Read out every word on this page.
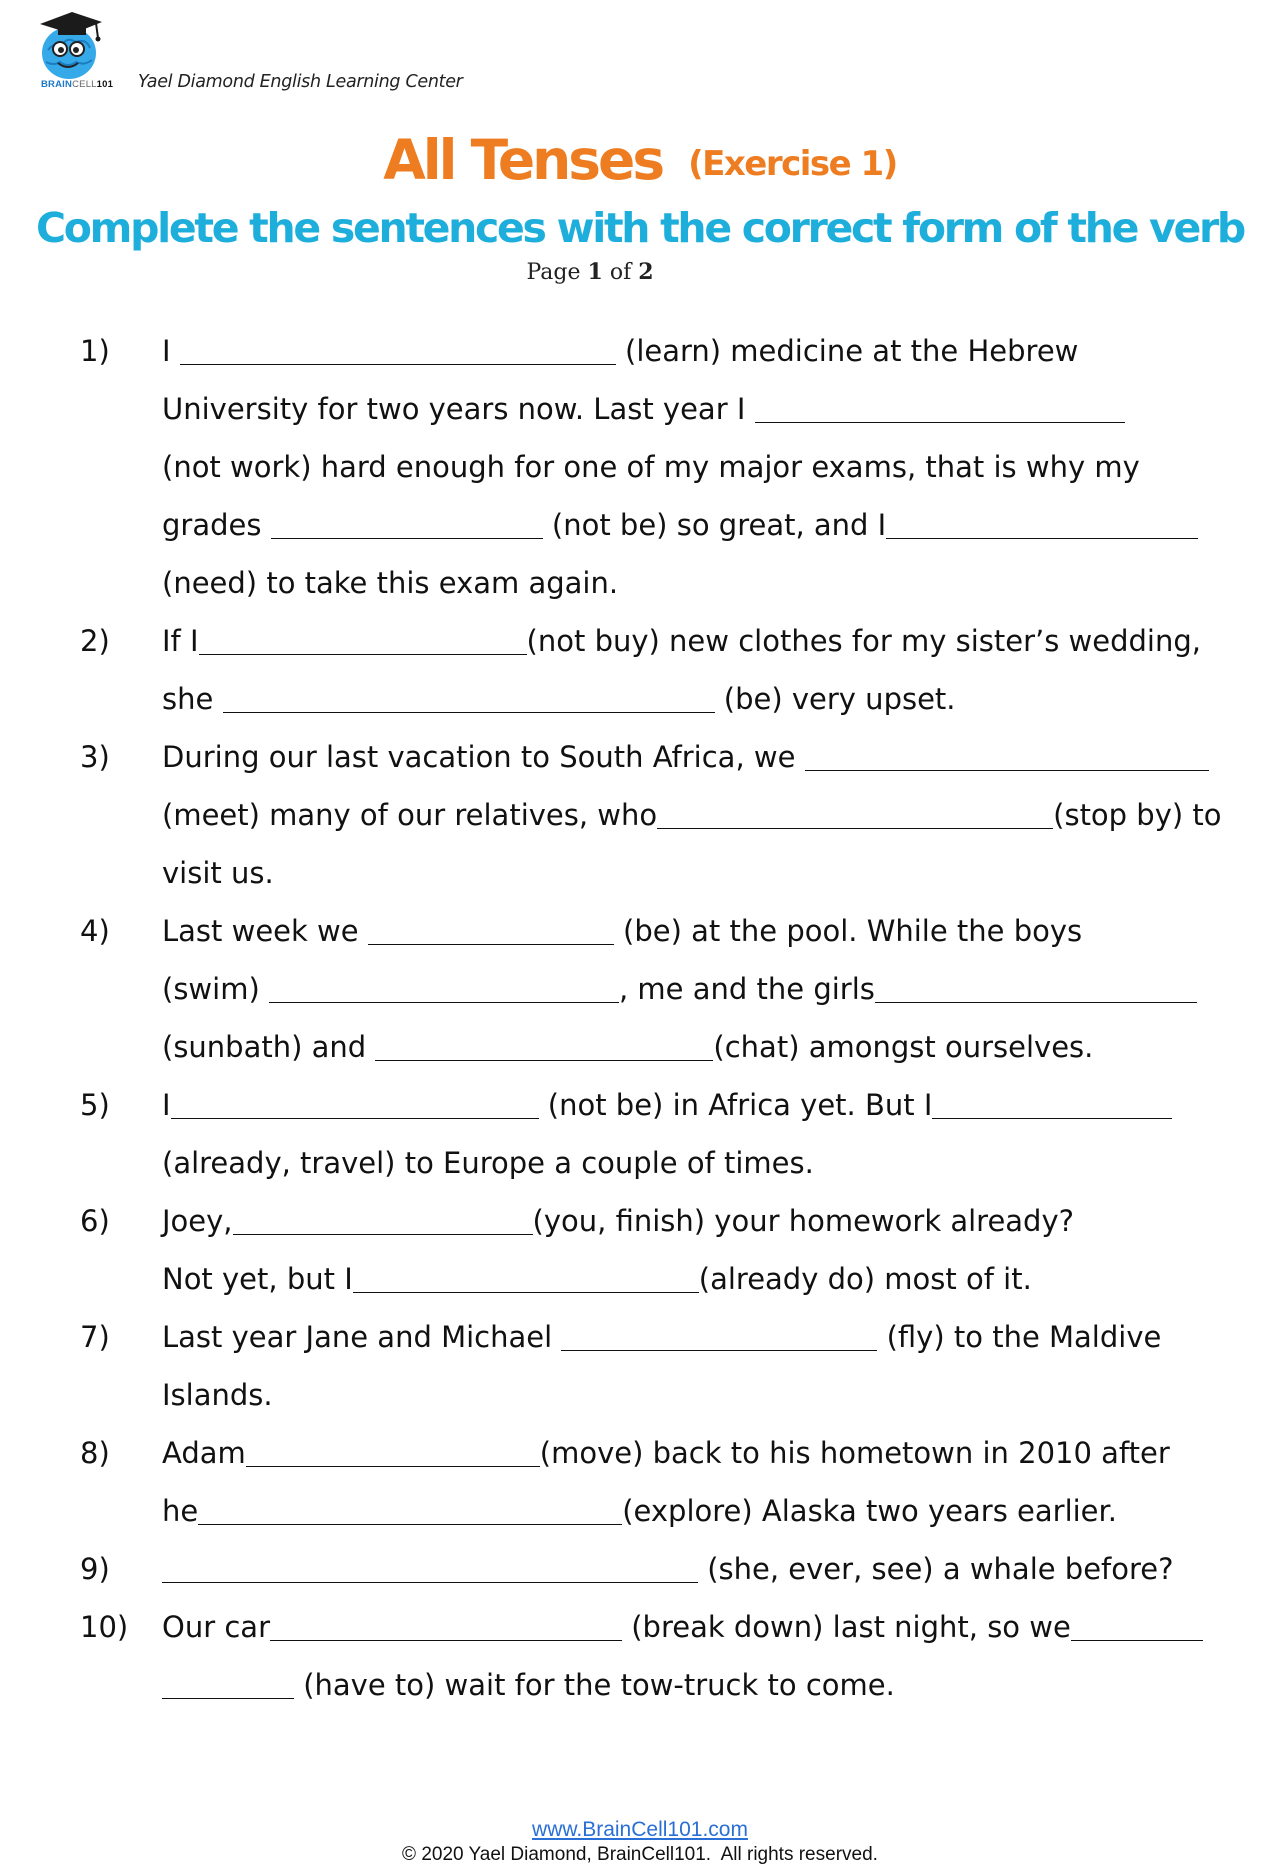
BRAINCELL101 Yael Diamond English Learning Center
All Tenses (Exercise 1)
Complete the sentences with the correct form of the verb
Page 1 of 2
1) I	(learn) medicine at the Hebrew
University for two years now. Last year I
(not work) hard enough for one of my major exams, that is why my
grades	(not be) so great, and I
(need) to take this exam again.
2) If I	(not buy) new clothes for my sister’s wedding,
she	(be) very upset.
3) During our last vacation to South Africa, we
(meet) many of our relatives, who	(stop by) to
visit us.
4) Last week we	(be) at the pool. While the boys
(swim)	, me and the girls
(sunbath) and	(chat) amongst ourselves.
5) I	(not be) in Africa yet. But I
(already, travel) to Europe a couple of times.
6) Joey,	(you, finish) your homework already?
Not yet, but I	(already do) most of it.
7) Last year Jane and Michael	(fly) to the Maldive
Islands.
8) Adam	(move) back to his hometown in 2010 after
he	(explore) Alaska two years earlier.
9)	(she, ever, see) a whale before?
10) Our car	(break down) last night, so we
(have to) wait for the tow-truck to come.
www.BrainCell101.com
© 2020 Yael Diamond, BrainCell101.  All rights reserved.
